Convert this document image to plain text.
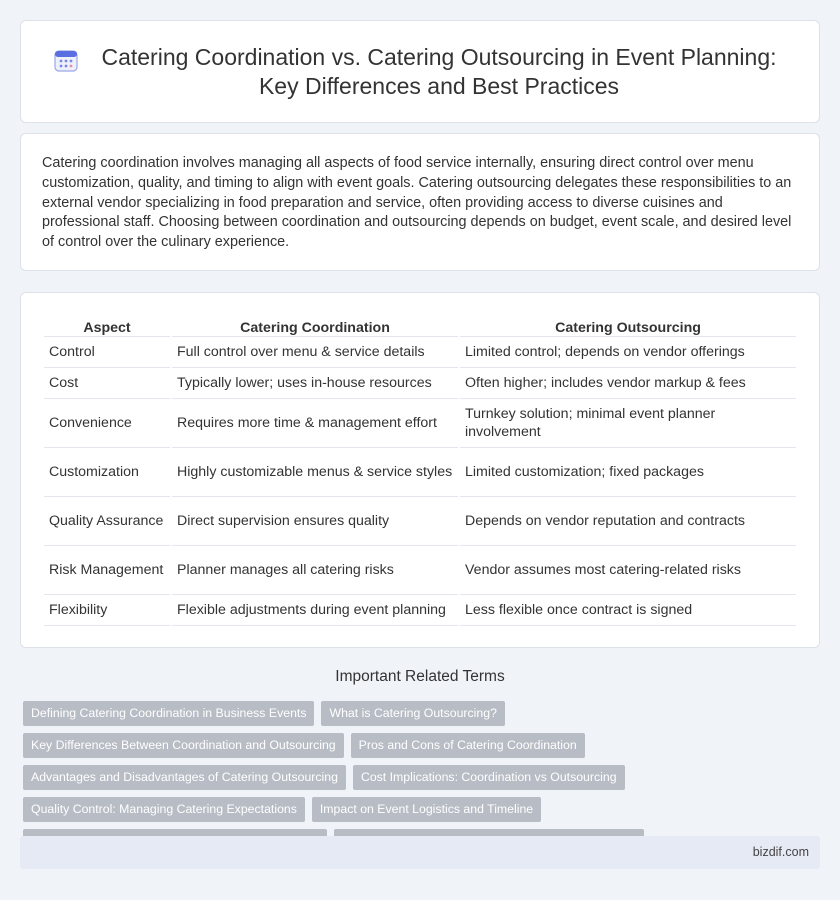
Catering Coordination vs. Catering Outsourcing in Event Planning:
Key Differences and Best Practices

Catering coordination involves managing all aspects of food service internally, ensuring direct control over menu customization, quality, and timing to align with event goals. Catering outsourcing delegates these responsibilities to an external vendor specializing in food preparation and service, often providing access to diverse cuisines and professional staff. Choosing between coordination and outsourcing depends on budget, event scale, and desired level of control over the culinary experience.

Aspect	Catering Coordination	Catering Outsourcing
Control	Full control over menu & service details	Limited control; depends on vendor offerings
Cost	Typically lower; uses in-house resources	Often higher; includes vendor markup & fees
Convenience	Requires more time & management effort	Turnkey solution; minimal event planner involvement
Customization	Highly customizable menus & service styles	Limited customization; fixed packages
Quality Assurance	Direct supervision ensures quality	Depends on vendor reputation and contracts
Risk Management	Planner manages all catering risks	Vendor assumes most catering-related risks
Flexibility	Flexible adjustments during event planning	Less flexible once contract is signed
Important Related Terms
Defining Catering Coordination in Business Events	What is Catering Outsourcing?
Key Differences Between Coordination and Outsourcing	Pros and Cons of Catering Coordination
Advantages and Disadvantages of Catering Outsourcing	Cost Implications: Coordination vs Outsourcing
Quality Control: Managing Catering Expectations	Impact on Event Logistics and Timeline
bizdif.com
